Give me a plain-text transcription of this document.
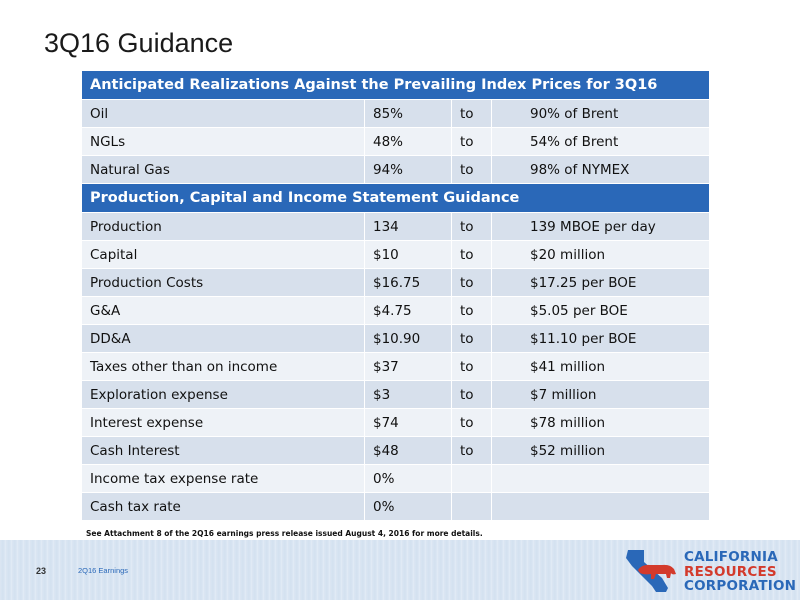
3Q16 Guidance
Anticipated Realizations Against the Prevailing Index Prices for 3Q16			
Oil	85%	to	90% of Brent
NGLs	48%	to	54% of Brent
Natural Gas	94%	to	98% of NYMEX
Production, Capital and Income Statement Guidance			
Production	134	to	139 MBOE per day
Capital	$10	to	$20 million
Production Costs	$16.75	to	$17.25 per BOE
G&A	$4.75	to	$5.05 per BOE
DD&A	$10.90	to	$11.10 per BOE
Taxes other than on income	$37	to	$41 million
Exploration expense	$3	to	$7 million
Interest expense	$74	to	$78 million
Cash Interest	$48	to	$52 million
Income tax expense rate	0%		
Cash tax rate	0%		
See Attachment 8 of the 2Q16 earnings press release issued August 4, 2016 for more details.
23	2Q16 Earnings
CALIFORNIA
RESOURCES
CORPORATION
